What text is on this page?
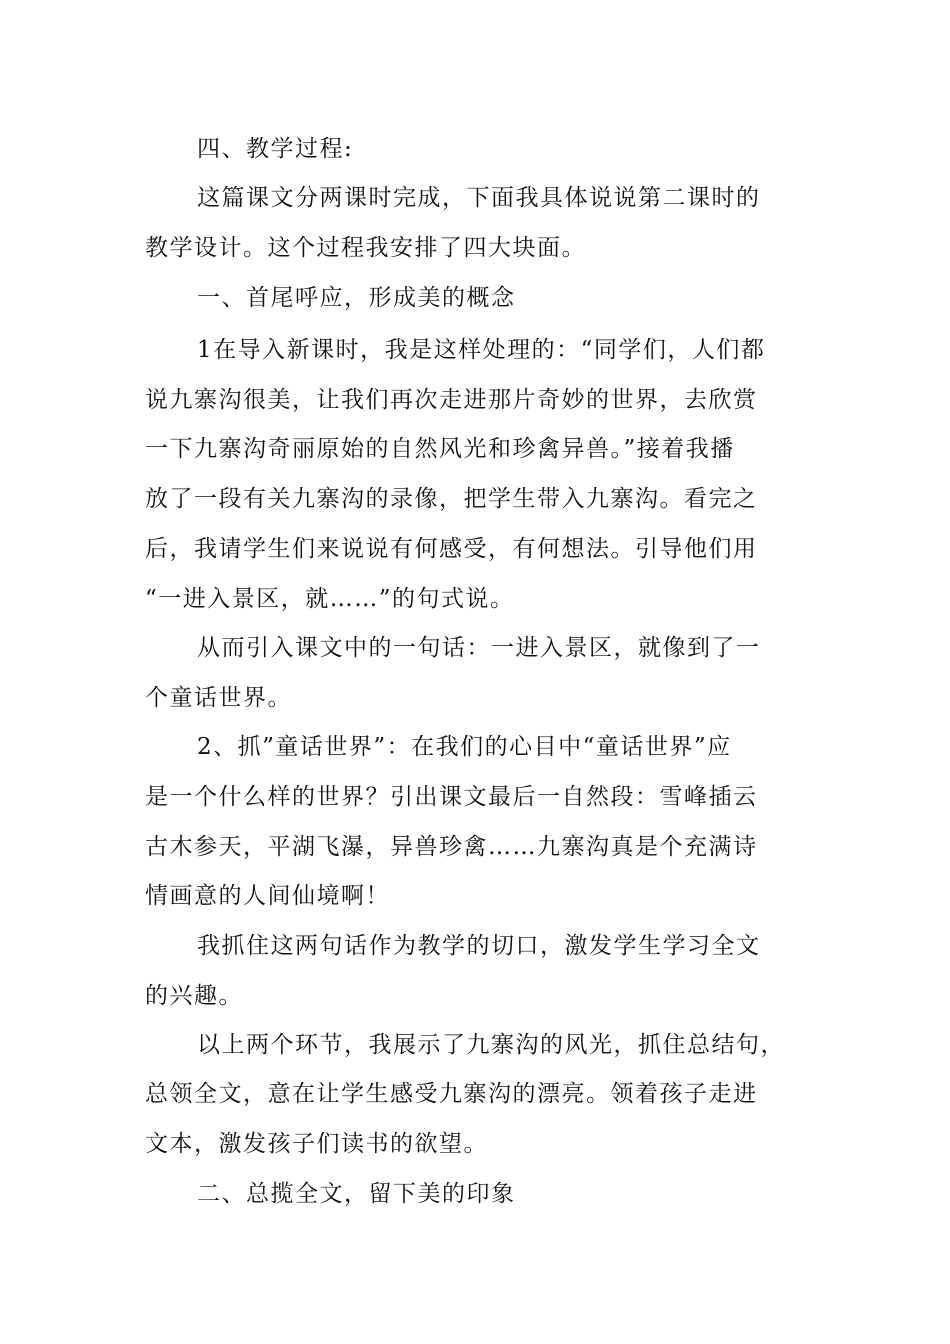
四、教学过程:
这篇课文分两课时完成，下面我具体说说第二课时的
教学设计。这个过程我安排了四大块面。
一、首尾呼应，形成美的概念
1在导入新课时，我是这样处理的：“同学们，人们都
说九寨沟很美，让我们再次走进那片奇妙的世界，去欣赏
一下九寨沟奇丽原始的自然风光和珍禽异兽。”接着我播
放了一段有关九寨沟的录像，把学生带入九寨沟。看完之
后，我请学生们来说说有何感受，有何想法。引导他们用
“一进入景区，就……”的句式说。
从而引入课文中的一句话：一进入景区，就像到了一
个童话世界。
2、抓”童话世界”：在我们的心目中“童话世界”应
是一个什么样的世界？引出课文最后一自然段：雪峰插云
古木参天，平湖飞瀑，异兽珍禽……九寨沟真是个充满诗
情画意的人间仙境啊！
我抓住这两句话作为教学的切口，激发学生学习全文
的兴趣。
以上两个环节，我展示了九寨沟的风光，抓住总结句，
总领全文，意在让学生感受九寨沟的漂亮。领着孩子走进
文本，激发孩子们读书的欲望。
二、总揽全文，留下美的印象
